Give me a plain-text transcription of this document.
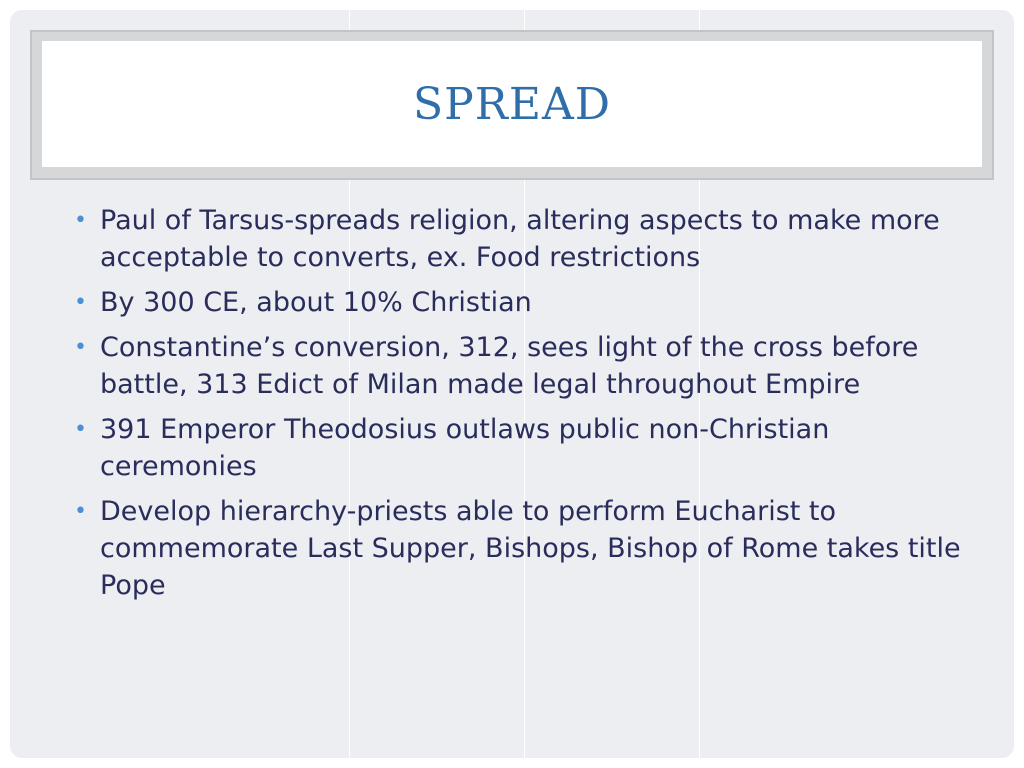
SPREAD
• Paul of Tarsus-spreads religion, altering aspects to make more acceptable to converts, ex. Food restrictions
• By 300 CE, about 10% Christian
• Constantine’s conversion, 312, sees light of the cross before battle, 313 Edict of Milan made legal throughout Empire
• 391 Emperor Theodosius outlaws public non-Christian ceremonies
• Develop hierarchy-priests able to perform Eucharist to commemorate Last Supper, Bishops, Bishop of Rome takes title Pope
